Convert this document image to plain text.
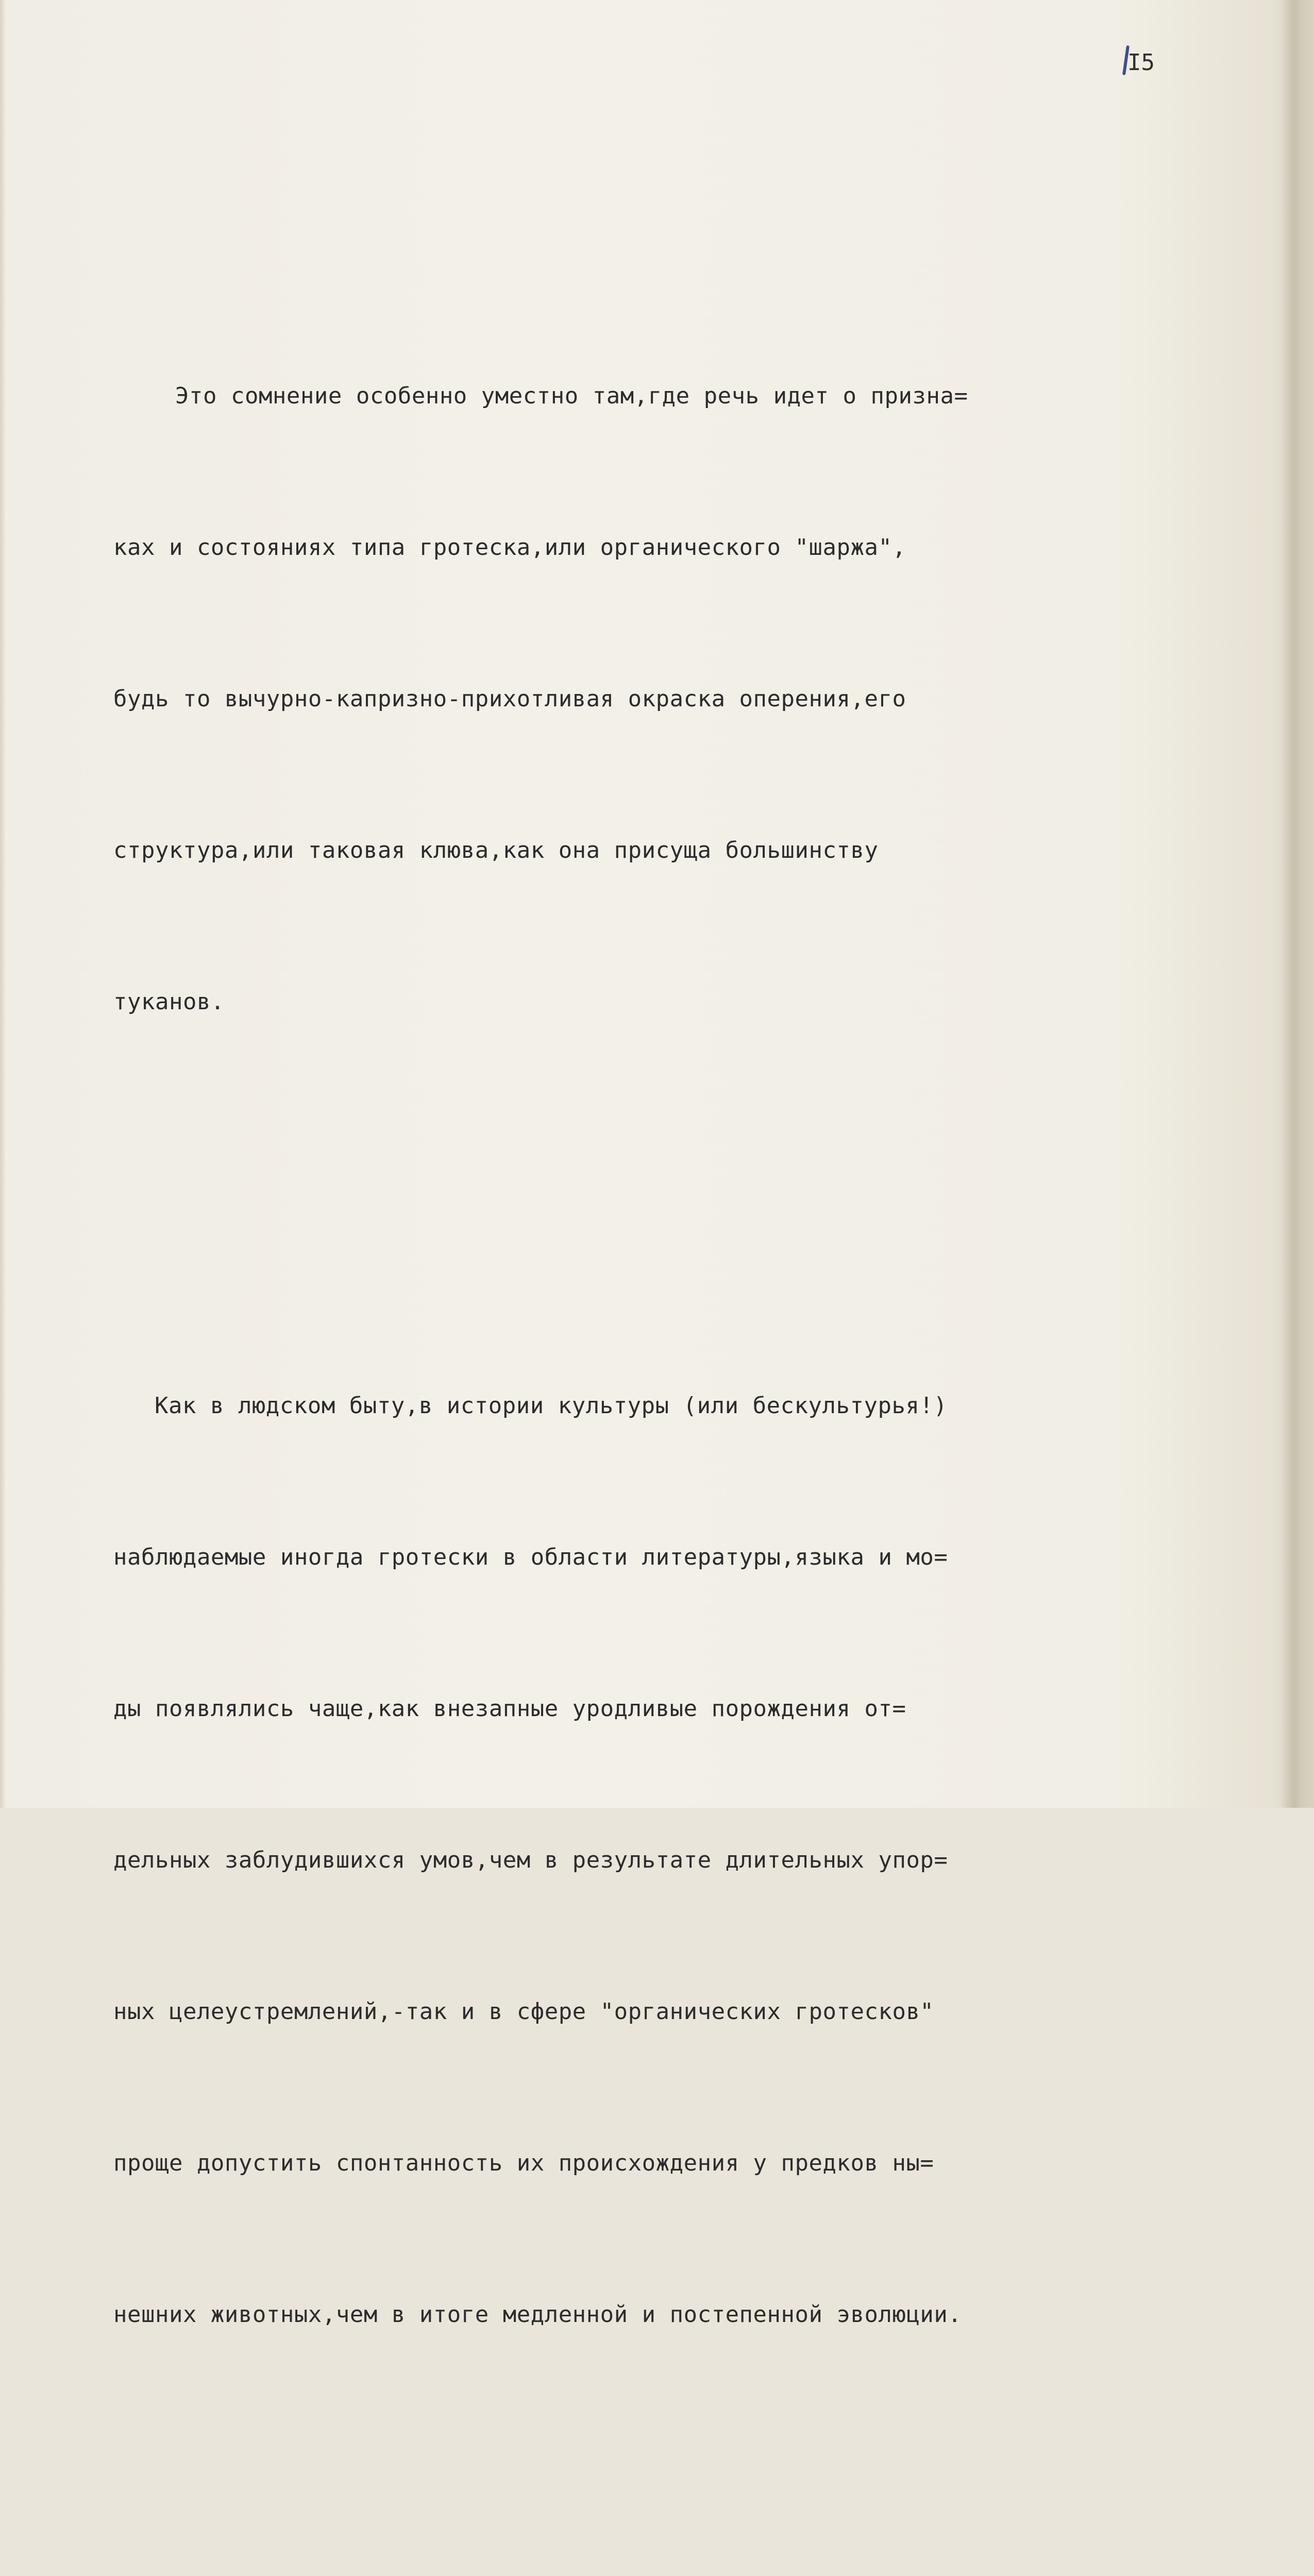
I5

Это сомнение особенно уместно там,где речь идет о призна=

ках и состояниях типа гротеска,или органического "шаржа",

будь то вычурно-капризно-прихотливая окраска оперения,его

структура,или таковая клюва,как она присуща большинству

туканов.

Как в людском быту,в истории культуры (или бескультурья!)

наблюдаемые иногда гротески в области литературы,языка и мо=

ды появлялись чаще,как внезапные уродливые порождения от=

дельных заблудившихся умов,чем в результате длительных упор=

ных целеустремлений,-так и в сфере "органических гротесков"

проще допустить спонтанность их происхождения у предков ны=

нешних животных,чем в итоге медленной и постепенной эволюции.
